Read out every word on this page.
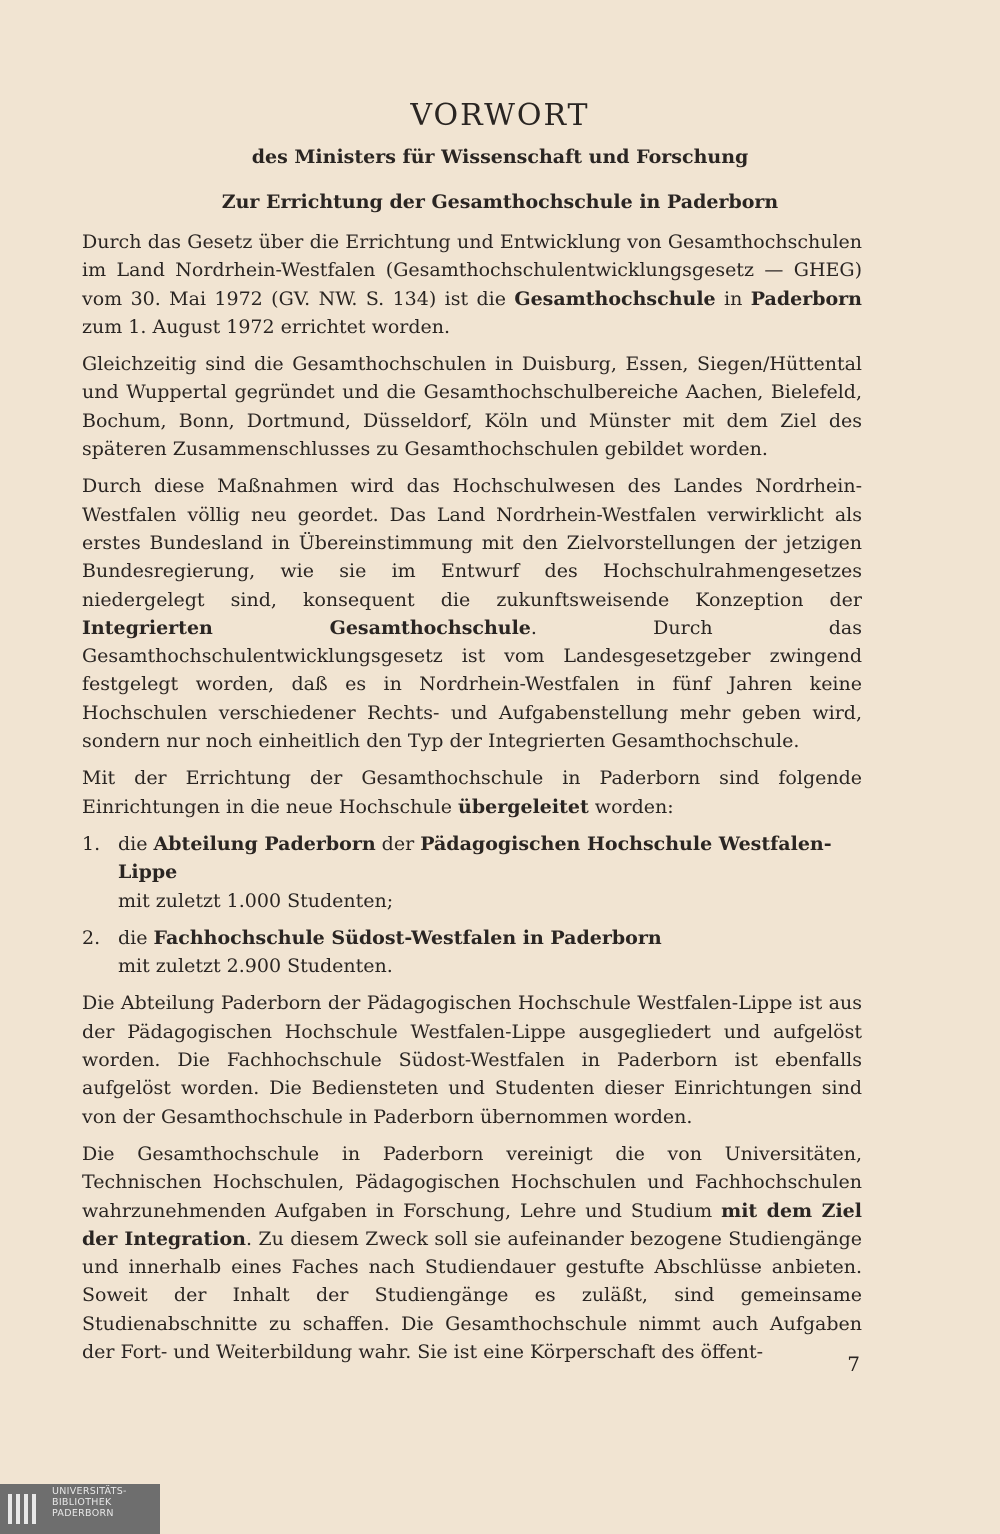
VORWORT
des Ministers für Wissenschaft und Forschung
Zur Errichtung der Gesamthochschule in Paderborn

Durch das Gesetz über die Errichtung und Entwicklung von Gesamthochschulen im Land Nordrhein-Westfalen (Gesamthochschulentwicklungsgesetz — GHEG) vom 30. Mai 1972 (GV. NW. S. 134) ist die Gesamthochschule in Paderborn zum 1. August 1972 errichtet worden.

Gleichzeitig sind die Gesamthochschulen in Duisburg, Essen, Siegen/Hüttental und Wuppertal gegründet und die Gesamthochschulbereiche Aachen, Bielefeld, Bochum, Bonn, Dortmund, Düsseldorf, Köln und Münster mit dem Ziel des späteren Zusammenschlusses zu Gesamthochschulen gebildet worden.

Durch diese Maßnahmen wird das Hochschulwesen des Landes Nordrhein-Westfalen völlig neu geordet. Das Land Nordrhein-Westfalen verwirklicht als erstes Bundesland in Übereinstimmung mit den Zielvorstellungen der jetzigen Bundesregierung, wie sie im Entwurf des Hochschulrahmengesetzes niedergelegt sind, konsequent die zukunftsweisende Konzeption der Integrierten Gesamthochschule. Durch das Gesamthochschulentwicklungsgesetz ist vom Landesgesetzgeber zwingend festgelegt worden, daß es in Nordrhein-Westfalen in fünf Jahren keine Hochschulen verschiedener Rechts- und Aufgabenstellung mehr geben wird, sondern nur noch einheitlich den Typ der Integrierten Gesamthochschule.

Mit der Errichtung der Gesamthochschule in Paderborn sind folgende Einrichtungen in die neue Hochschule übergeleitet worden:

1. die Abteilung Paderborn der Pädagogischen Hochschule Westfalen-Lippe
mit zuletzt 1.000 Studenten;
2. die Fachhochschule Südost-Westfalen in Paderborn
mit zuletzt 2.900 Studenten.

Die Abteilung Paderborn der Pädagogischen Hochschule Westfalen-Lippe ist aus der Pädagogischen Hochschule Westfalen-Lippe ausgegliedert und aufgelöst worden. Die Fachhochschule Südost-Westfalen in Paderborn ist ebenfalls aufgelöst worden. Die Bediensteten und Studenten dieser Einrichtungen sind von der Gesamthochschule in Paderborn übernommen worden.

Die Gesamthochschule in Paderborn vereinigt die von Universitäten, Technischen Hochschulen, Pädagogischen Hochschulen und Fachhochschulen wahrzunehmenden Aufgaben in Forschung, Lehre und Studium mit dem Ziel der Integration. Zu diesem Zweck soll sie aufeinander bezogene Studiengänge und innerhalb eines Faches nach Studiendauer gestufte Abschlüsse anbieten. Soweit der Inhalt der Studiengänge es zuläßt, sind gemeinsame Studienabschnitte zu schaffen. Die Gesamthochschule nimmt auch Aufgaben der Fort- und Weiterbildung wahr. Sie ist eine Körperschaft des öffent-

7
UNIVERSITÄTS-
BIBLIOTHEK
PADERBORN
